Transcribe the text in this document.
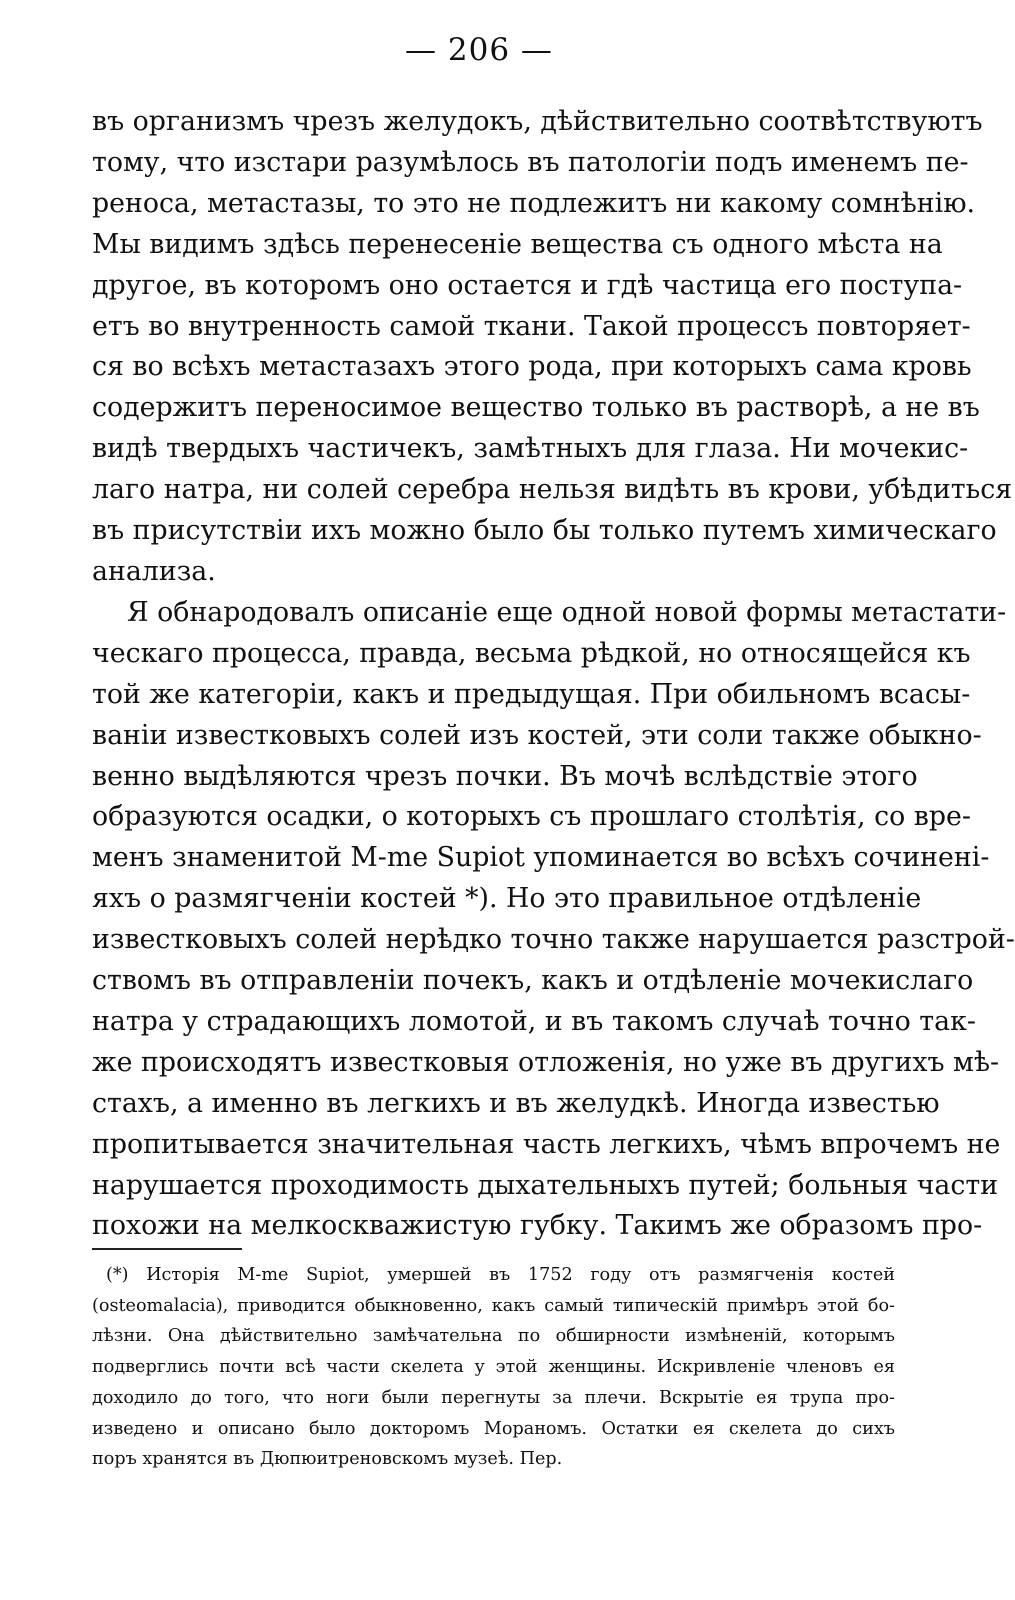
— 206 —
въ организмъ чрезъ желудокъ, дѣйствительно соотвѣтствуютъ
тому, что изстари разумѣлось въ патологіи подъ именемъ пе-
реноса, метастазы, то это не подлежитъ ни какому сомнѣнію.
Мы видимъ здѣсь перенесеніе вещества съ одного мѣста на
другое, въ которомъ оно остается и гдѣ частица его поступа-
етъ во внутренность самой ткани. Такой процессъ повторяет-
ся во всѣхъ метастазахъ этого рода, при которыхъ сама кровь
содержитъ переносимое вещество только въ растворѣ, а не въ
видѣ твердыхъ частичекъ, замѣтныхъ для глаза. Ни мочекис-
лаго натра, ни солей серебра нельзя видѣть въ крови, убѣдиться
въ присутствіи ихъ можно было бы только путемъ химическаго
анализа.
Я обнародовалъ описаніе еще одной новой формы метастати-
ческаго процесса, правда, весьма рѣдкой, но относящейся къ
той же категоріи, какъ и предыдущая. При обильномъ всасы-
ваніи известковыхъ солей изъ костей, эти соли также обыкно-
венно выдѣляются чрезъ почки. Въ мочѣ вслѣдствіе этого
образуются осадки, о которыхъ съ прошлаго столѣтія, со вре-
менъ знаменитой M-me Supiot упоминается во всѣхъ сочиненi-
яхъ о размягченіи костей *). Но это правильное отдѣленіе
известковыхъ солей нерѣдко точно также нарушается разстрой-
ствомъ въ отправленіи почекъ, какъ и отдѣленіе мочекислаго
натра у страдающихъ ломотой, и въ такомъ случаѣ точно так-
же происходятъ известковыя отложенія, но уже въ другихъ мѣ-
стахъ, а именно въ легкихъ и въ желудкѣ. Иногда известью
пропитывается значительная часть легкихъ, чѣмъ впрочемъ не
нарушается проходимость дыхательныхъ путей; больныя части
похожи на мелкоскважистую губку. Такимъ же образомъ про-
(*) Исторія M-me Supiot, умершей въ 1752 году отъ размягченія костей
(osteomalacia), приводится обыкновенно, какъ самый типическій примѣръ этой бо-
лѣзни. Она дѣйствительно замѣчательна по обширности измѣненій, которымъ
подверглись почти всѣ части скелета у этой женщины. Искривленіе членовъ ея
доходило до того, что ноги были перегнуты за плечи. Вскрытіе ея трупа про-
изведено и описано было докторомъ Мораномъ. Остатки ея скелета до сихъ
поръ хранятся въ Дюпюитреновскомъ музеѣ. Пер.
